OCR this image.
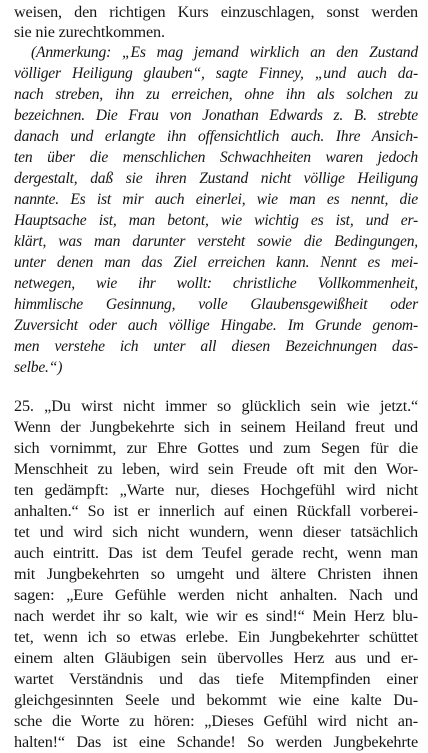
weisen, den richtigen Kurs einzuschlagen, sonst werden
sie nie zurechtkommen.
(Anmerkung: „Es mag jemand wirklich an den Zustand
völliger Heiligung glauben“, sagte Finney, „und auch da-
nach streben, ihn zu erreichen, ohne ihn als solchen zu
bezeichnen. Die Frau von Jonathan Edwards z. B. strebte
danach und erlangte ihn offensichtlich auch. Ihre Ansich-
ten über die menschlichen Schwachheiten waren jedoch
dergestalt, daß sie ihren Zustand nicht völlige Heiligung
nannte. Es ist mir auch einerlei, wie man es nennt, die
Hauptsache ist, man betont, wie wichtig es ist, und er-
klärt, was man darunter versteht sowie die Bedingungen,
unter denen man das Ziel erreichen kann. Nennt es mei-
netwegen, wie ihr wollt: christliche Vollkommenheit,
himmlische Gesinnung, volle Glaubensgewißheit oder
Zuversicht oder auch völlige Hingabe. Im Grunde genom-
men verstehe ich unter all diesen Bezeichnungen das-
selbe.“)
25. „Du wirst nicht immer so glücklich sein wie jetzt.“
Wenn der Jungbekehrte sich in seinem Heiland freut und
sich vornimmt, zur Ehre Gottes und zum Segen für die
Menschheit zu leben, wird sein Freude oft mit den Wor-
ten gedämpft: „Warte nur, dieses Hochgefühl wird nicht
anhalten.“ So ist er innerlich auf einen Rückfall vorberei-
tet und wird sich nicht wundern, wenn dieser tatsächlich
auch eintritt. Das ist dem Teufel gerade recht, wenn man
mit Jungbekehrten so umgeht und ältere Christen ihnen
sagen: „Eure Gefühle werden nicht anhalten. Nach und
nach werdet ihr so kalt, wie wir es sind!“ Mein Herz blu-
tet, wenn ich so etwas erlebe. Ein Jungbekehrter schüttet
einem alten Gläubigen sein übervolles Herz aus und er-
wartet Verständnis und das tiefe Mitempfinden einer
gleichgesinnten Seele und bekommt wie eine kalte Du-
sche die Worte zu hören: „Dieses Gefühl wird nicht an-
halten!“ Das ist eine Schande! So werden Jungbekehrte
